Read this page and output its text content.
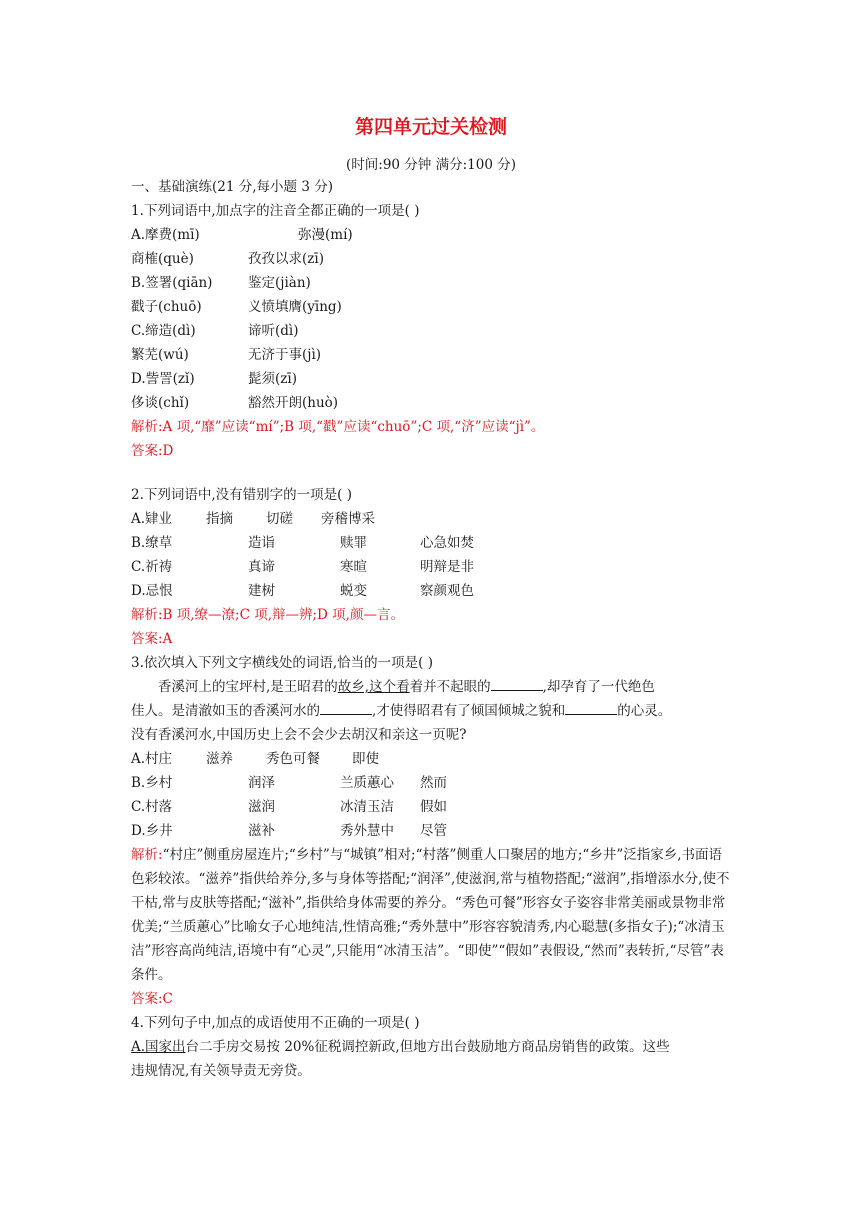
第四单元过关检测
(时间:90 分钟 满分:100 分)
一、基础演练(21 分,每小题 3 分)
1.下列词语中,加点字的注音全都正确的一项是( )
A.摩费(mī)	弥漫(mí)
商榷(què)	孜孜以求(zī)
B.签署(qiān)	鉴定(jiàn)
戳子(chuō)	义愤填膺(yīng)
C.缔造(dì)	谛听(dì)
繁芜(wú)	无济于事(jì)
D.訾詈(zǐ)	髭须(zī)
侈谈(chǐ)	豁然开朗(huò)
解析:A 项,“靡”应读“mí”;B 项,“戳”应读“chuō”;C 项,“济”应读“jì”。
答案:D
2.下列词语中,没有错别字的一项是( )
A.肄业	指摘	切磋	旁稽博采
B.缭草	造诣	赎罪	心急如焚
C.祈祷	真谛	寒暄	明辩是非
D.忌恨	建树	蜕变	察颜观色
解析:B 项,缭—潦;C 项,辩—辨;D 项,颜—言。
答案:A
3.依次填入下列文字横线处的词语,恰当的一项是( )
香溪河上的宝坪村,是王昭君的故乡,这个看着并不起眼的	,却孕育了一代绝色
佳人。是清澈如玉的香溪河水的	,才使得昭君有了倾国倾城之貌和	的心灵。
没有香溪河水,中国历史上会不会少去胡汉和亲这一页呢?
A.村庄	滋养	秀色可餐	即使
B.乡村	润泽	兰质蕙心	然而
C.村落	滋润	冰清玉洁	假如
D.乡井	滋补	秀外慧中	尽管
解析:“村庄”侧重房屋连片;“乡村”与“城镇”相对;“村落”侧重人口聚居的地方;“乡井”泛指家乡,书面语色彩较浓。“滋养”指供给养分,多与身体等搭配;“润泽”,使滋润,常与植物搭配;“滋润”,指增添水分,使不干枯,常与皮肤等搭配;“滋补”,指供给身体需要的养分。“秀色可餐”形容女子姿容非常美丽或景物非常优美;“兰质蕙心”比喻女子心地纯洁,性情高雅;“秀外慧中”形容容貌清秀,内心聪慧(多指女子);“冰清玉洁”形容高尚纯洁,语境中有“心灵”,只能用“冰清玉洁”。“即使”“假如”表假设,“然而”表转折,“尽管”表条件。
答案:C
4.下列句子中,加点的成语使用不正确的一项是( )
A.国家出台二手房交易按 20%征税调控新政,但地方出台鼓励地方商品房销售的政策。这些
违规情况,有关领导责无旁贷。
